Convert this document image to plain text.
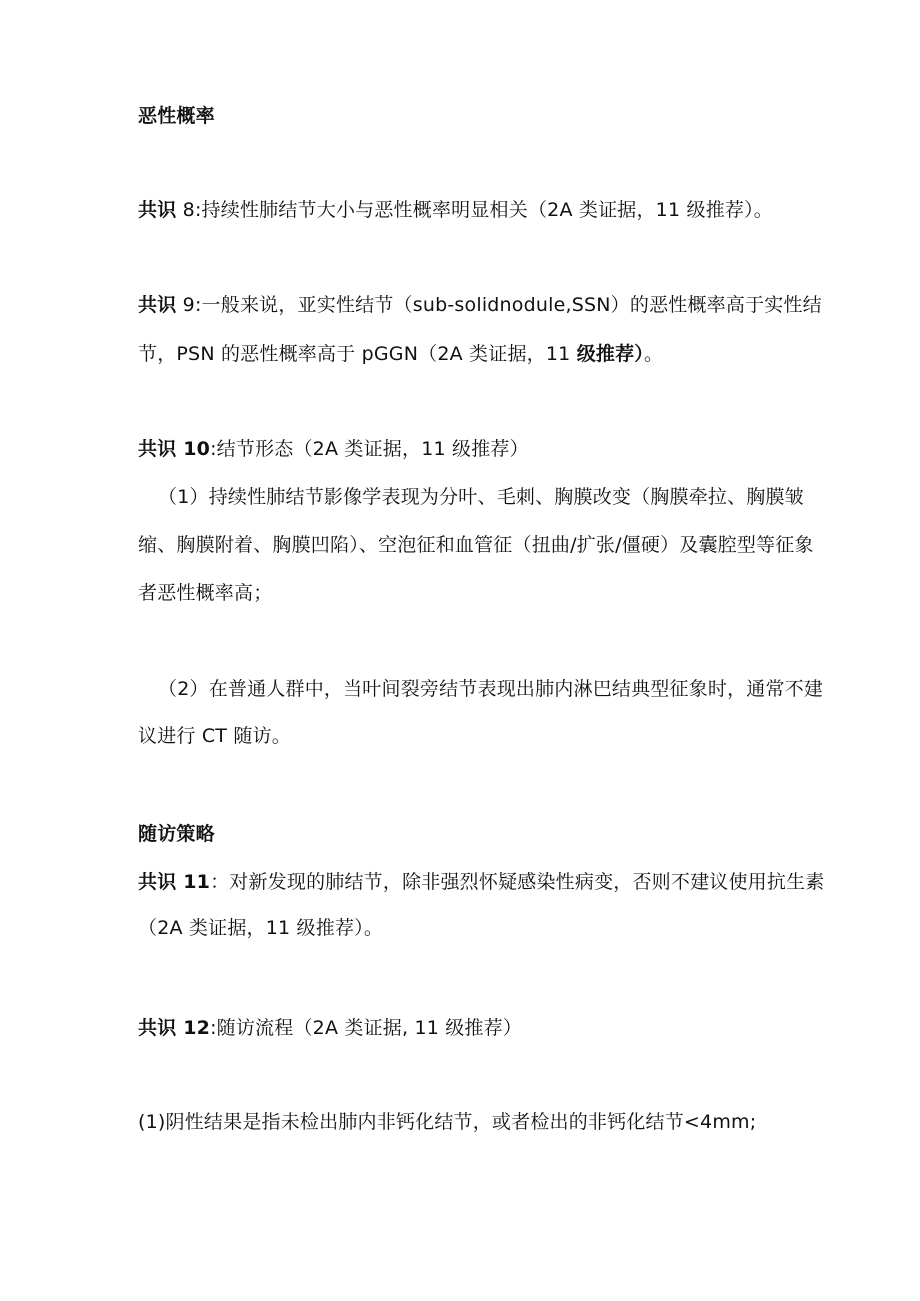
恶性概率
共识 8:持续性肺结节大小与恶性概率明显相关（2A 类证据，11 级推荐）。
共识 9:一般来说，亚实性结节（sub-solidnodule,SSN）的恶性概率高于实性结
节，PSN 的恶性概率高于 pGGN（2A 类证据，11 级推荐）。
共识 10:结节形态（2A 类证据，11 级推荐）
（1）持续性肺结节影像学表现为分叶、毛刺、胸膜改变（胸膜牵拉、胸膜皱
缩、胸膜附着、胸膜凹陷）、空泡征和血管征（扭曲/扩张/僵硬）及囊腔型等征象
者恶性概率高；
（2）在普通人群中，当叶间裂旁结节表现出肺内淋巴结典型征象时，通常不建
议进行 CT 随访。
随访策略
共识 11：对新发现的肺结节，除非强烈怀疑感染性病变，否则不建议使用抗生素
（2A 类证据，11 级推荐）。
共识 12:随访流程（2A 类证据, 11 级推荐）
(1)阴性结果是指未检出肺内非钙化结节，或者检出的非钙化结节<4mm;
